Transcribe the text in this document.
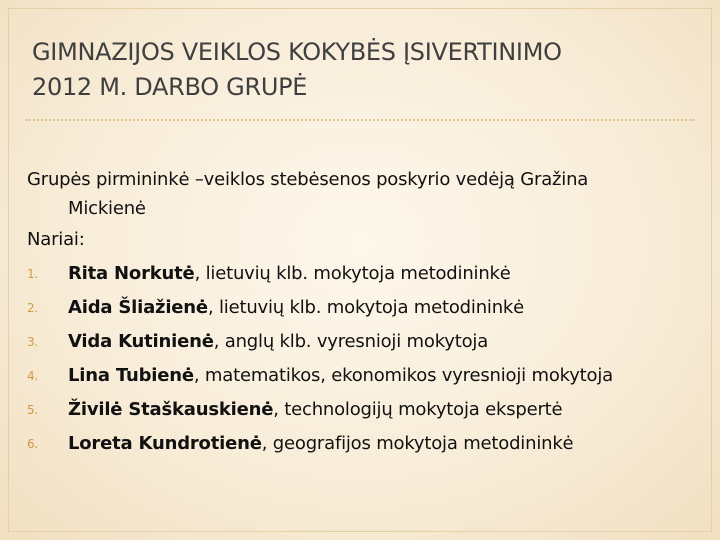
GIMNAZIJOS VEIKLOS KOKYBĖS ĮSIVERTINIMO
2012 M. DARBO GRUPĖ
Grupės pirmininkė –veiklos stebėsenos poskyrio vedėją Gražina
Mickienė
Nariai:
1.	Rita Norkutė, lietuvių klb. mokytoja metodininkė
2.	Aida Šliažienė, lietuvių klb. mokytoja metodininkė
3.	Vida Kutinienė, anglų klb. vyresnioji mokytoja
4.	Lina Tubienė, matematikos, ekonomikos vyresnioji mokytoja
5.	Živilė Staškauskienė, technologijų mokytoja ekspertė
6.	Loreta Kundrotienė, geografijos mokytoja metodininkė
